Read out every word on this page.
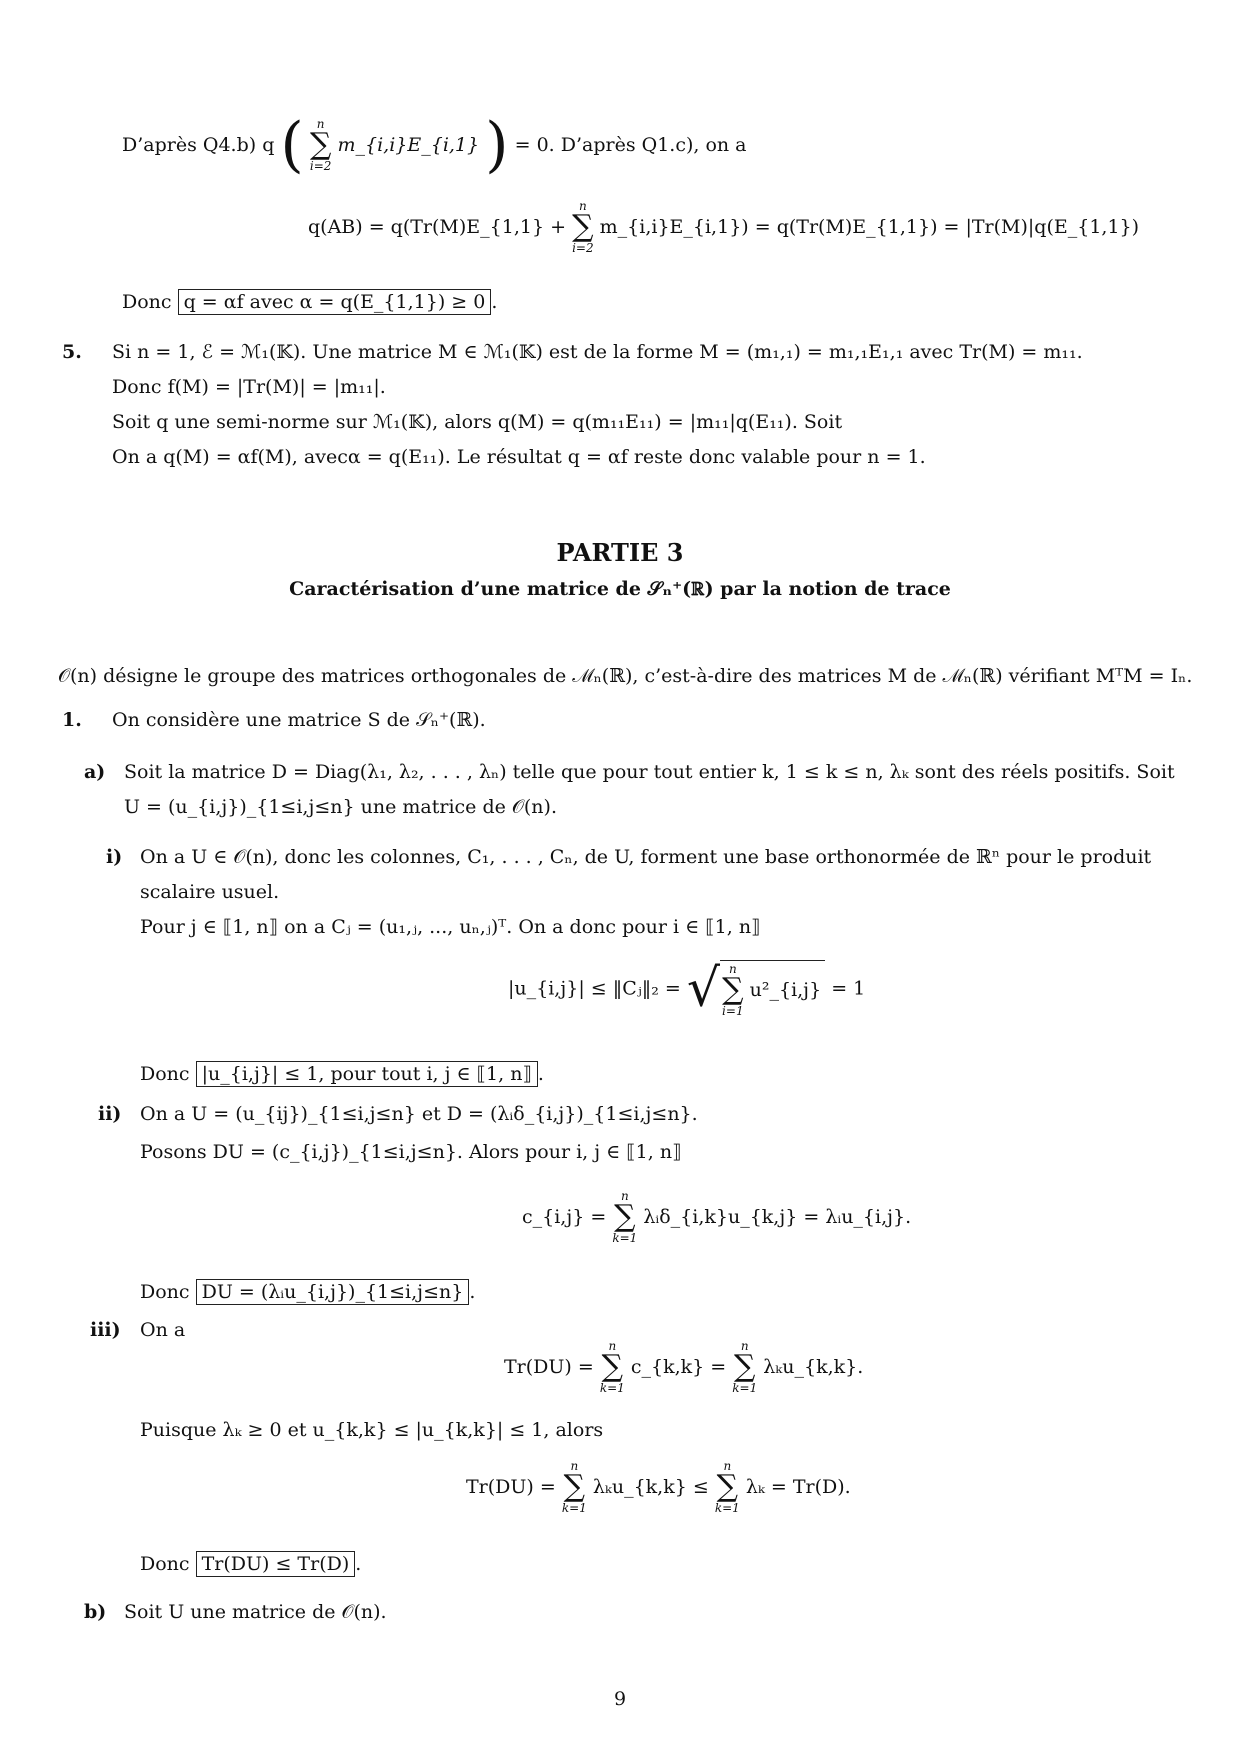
D’après Q4.b) q (	n
∑
i=2
m_{i,i}E_{i,1} ) = 0. D’après Q1.c), on a
q(AB) = q(Tr(M)E_{1,1} +
n
∑
i=2
m_{i,i}E_{i,1}) = q(Tr(M)E_{1,1}) = |Tr(M)|q(E_{1,1})
Donc q = αf avec α = q(E_{1,1}) ≥ 0 .
5. Si n = 1, ℰ = ℳ₁(𝕂). Une matrice M ∈ ℳ₁(𝕂) est de la forme M = (m₁,₁) = m₁,₁E₁,₁ avec Tr(M) = m₁₁.
Donc f(M) = |Tr(M)| = |m₁₁|.
Soit q une semi-norme sur ℳ₁(𝕂), alors q(M) = q(m₁₁E₁₁) = |m₁₁|q(E₁₁). Soit
On a q(M) = αf(M), avecα = q(E₁₁). Le résultat q = αf reste donc valable pour n = 1.
PARTIE 3
Caractérisation d’une matrice de 𝒮ₙ⁺(ℝ) par la notion de trace
𝒪(n) désigne le groupe des matrices orthogonales de ℳₙ(ℝ), c’est-à-dire des matrices M de ℳₙ(ℝ) vérifiant MᵀM = Iₙ.
1. On considère une matrice S de 𝒮ₙ⁺(ℝ).
a) Soit la matrice D = Diag(λ₁, λ₂, . . . , λₙ) telle que pour tout entier k, 1 ≤ k ≤ n, λₖ sont des réels positifs. Soit
U = (u_{i,j})_{1≤i,j≤n} une matrice de 𝒪(n).
i) On a U ∈ 𝒪(n), donc les colonnes, C₁, . . . , Cₙ, de U, forment une base orthonormée de ℝⁿ pour le produit
scalaire usuel.
Pour j ∈ ⟦1, n⟧ on a Cⱼ = (u₁,ⱼ, ..., uₙ,ⱼ)ᵀ. On a donc pour i ∈ ⟦1, n⟧
|u_{i,j}| ≤ ‖Cⱼ‖₂ = √ n
∑
i=1
u²_{i,j} = 1
Donc |u_{i,j}| ≤ 1, pour tout i, j ∈ ⟦1, n⟧ .
ii) On a U = (u_{ij})_{1≤i,j≤n} et D = (λᵢδ_{i,j})_{1≤i,j≤n}.
Posons DU = (c_{i,j})_{1≤i,j≤n}. Alors pour i, j ∈ ⟦1, n⟧
c_{i,j} =
n
∑
k=1
λᵢδ_{i,k}u_{k,j} = λᵢu_{i,j}.
Donc DU = (λᵢu_{i,j})_{1≤i,j≤n} .
iii) On a
Tr(DU) =
n
∑
k=1
c_{k,k} =
n
∑
k=1
λₖu_{k,k}.
Puisque λₖ ≥ 0 et u_{k,k} ≤ |u_{k,k}| ≤ 1, alors
Tr(DU) =
n
∑
k=1
λₖu_{k,k} ≤
n
∑
k=1
λₖ = Tr(D).
Donc Tr(DU) ≤ Tr(D) .
b) Soit U une matrice de 𝒪(n).
9
